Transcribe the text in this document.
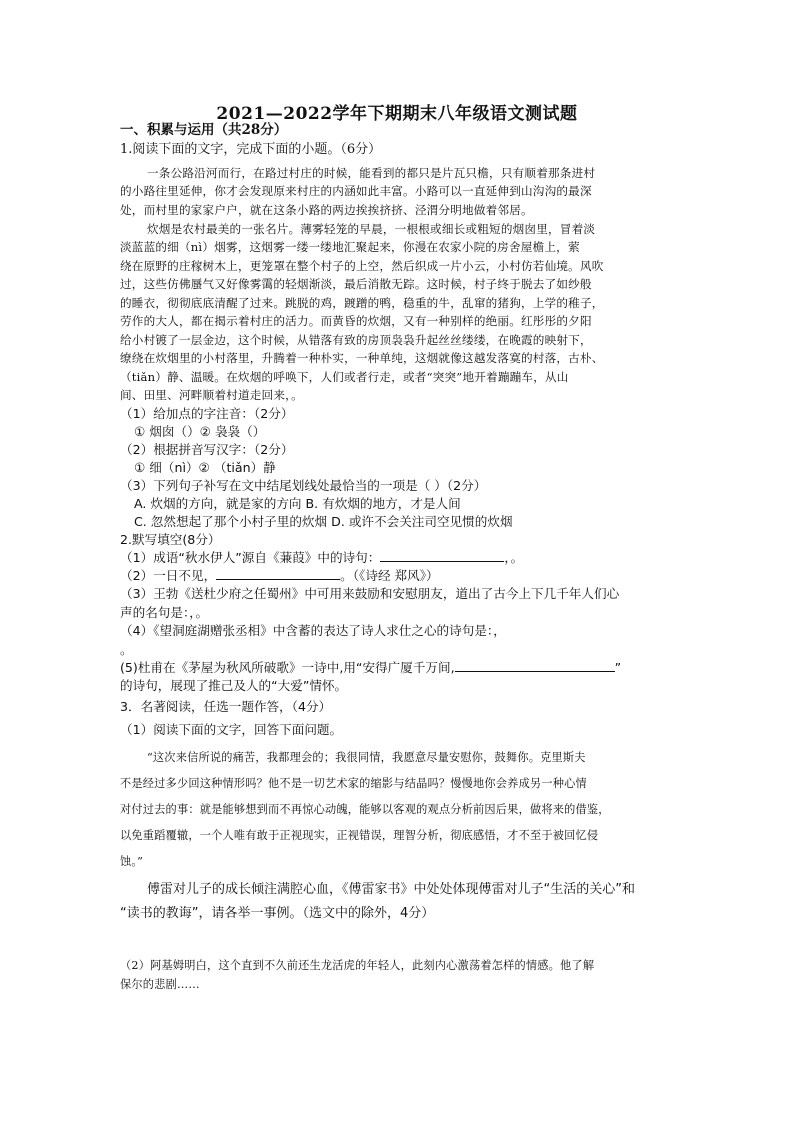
2021—2022学年下期期末八年级语文测试题
一、积累与运用（共28分）
1.阅读下面的文字，完成下面的小题。（6分）
一条公路沿河而行，在路过村庄的时候，能看到的都只是片瓦只檐，只有顺着那条进村
的小路往里延伸，你才会发现原来村庄的内涵如此丰富。小路可以一直延伸到山沟沟的最深
处，而村里的家家户户，就在这条小路的两边挨挨挤挤、泾渭分明地做着邻居。
炊烟是农村最美的一张名片。薄雾轻笼的早晨，一根根或细长或粗短的烟囱里，冒着淡
淡蓝蓝的细（nì）烟雾，这烟雾一缕一缕地汇聚起来，你漫在农家小院的房舍屋檐上，萦
绕在原野的庄稼树木上，更笼罩在整个村子的上空，然后织成一片小云，小村仿若仙境。风吹
过，这些仿佛蜃气又好像雾霭的轻烟渐淡，最后消散无踪。这时候，村子终于脱去了如纱般
的睡衣，彻彻底底清醒了过来。跳脱的鸡，踱蹭的鸭，稳重的牛，乱窜的猪狗，上学的稚子，
劳作的大人，都在揭示着村庄的活力。而黄昏的炊烟，又有一种别样的绝丽。红彤彤的夕阳
给小村镀了一层金边，这个时候，从错落有致的房顶袅袅升起丝丝缕缕，在晚霞的映射下，
缭绕在炊烟里的小村落里，升腾着一种朴实，一种单纯，这烟就像这越发落寞的村落，古朴、
（tiǎn）静、温暖。在炊烟的呼唤下，人们或者行走，或者“突突”地开着蹦蹦车，从山
间、田里、河畔顺着村道走回来，。
（1）给加点的字注音：（2分）
① 烟囱（）② 袅袅（）
（2）根据拼音写汉字：（2分）
① 细（nì）② （tiǎn）静
（3）下列句子补写在文中结尾划线处最恰当的一项是（ ）（2分）
A. 炊烟的方向，就是家的方向 B. 有炊烟的地方，才是人间
C. 忽然想起了那个小村子里的炊烟 D. 或许不会关注司空见惯的炊烟
2.默写填空(8分）
（1）成语“秋水伊人”源自《蒹葭》中的诗句：	，。
（2）一日不见，	。（《诗经 郑风》）
（3）王勃《送杜少府之任蜀州》中可用来鼓励和安慰朋友，道出了古今上下几千年人们心
声的名句是：，。
（4）《望洞庭湖赠张丞相》中含蓄的表达了诗人求仕之心的诗句是：，
。
(5)杜甫在《茅屋为秋风所破歌》一诗中,用“安得广厦千万间,	”
的诗句，展现了推己及人的“大爱”情怀。
3．名著阅读，任选一题作答，（4分）
（1）阅读下面的文字，回答下面问题。
“这次来信所说的痛苦，我都理会的；我很同情，我愿意尽量安慰你，鼓舞你。克里斯夫
不是经过多少回这种情形吗？他不是一切艺术家的缩影与结晶吗？慢慢地你会养成另一种心情
对付过去的事：就是能够想到而不再惊心动魄，能够以客观的观点分析前因后果，做将来的借鉴，
以免重蹈覆辙，一个人唯有敢于正视现实，正视错误，理智分析，彻底感悟，才不至于被回忆侵
蚀。”
傅雷对儿子的成长倾注满腔心血，《傅雷家书》中处处体现傅雷对儿子“生活的关心”和
“读书的教诲”，请各举一事例。（选文中的除外，4分）
（2）阿基姆明白，这个直到不久前还生龙活虎的年轻人，此刻内心激荡着怎样的情感。他了解
保尔的悲剧……
